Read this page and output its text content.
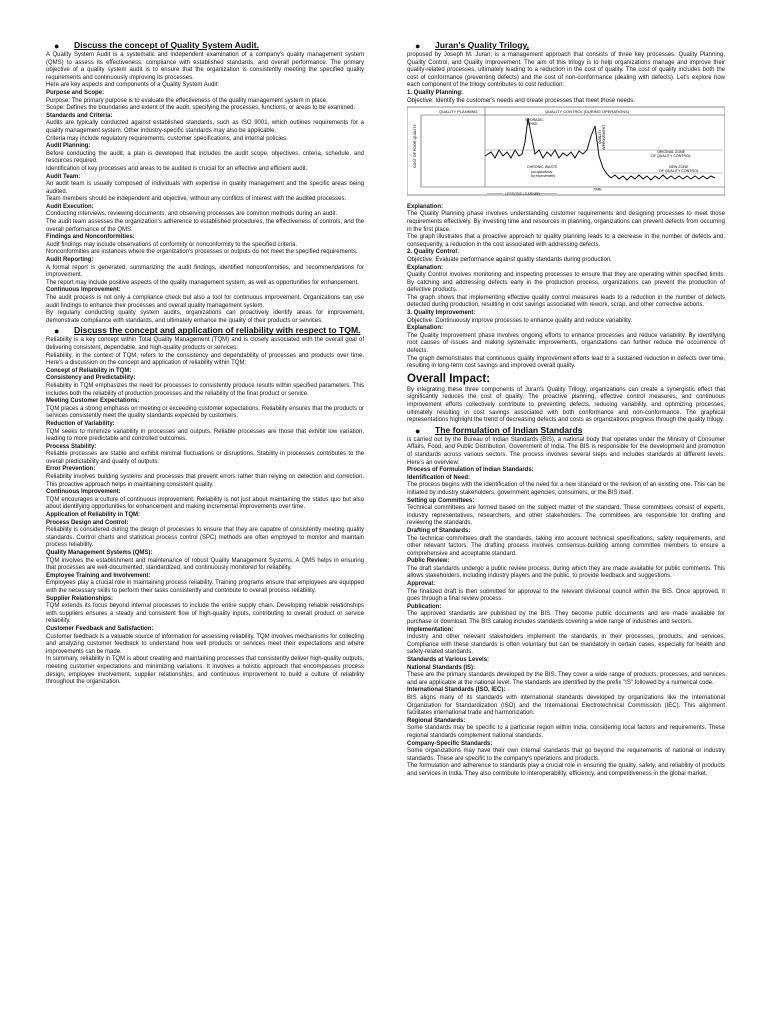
●	Discuss the concept of Quality System Audit.

A Quality System Audit is a systematic and independent examination of a company's quality management system (QMS) to assess its effectiveness, compliance with established standards, and overall performance. The primary objective of a quality system audit is to ensure that the organization is consistently meeting the specified quality requirements and continuously improving its processes.

Here are key aspects and components of a Quality System Audit:

Purpose and Scope:

Purpose: The primary purpose is to evaluate the effectiveness of the quality management system in place.

Scope: Defines the boundaries and extent of the audit, specifying the processes, functions, or areas to be examined.

Standards and Criteria:

Audits are typically conducted against established standards, such as ISO 9001, which outlines requirements for a quality management system. Other industry-specific standards may also be applicable.

Criteria may include regulatory requirements, customer specifications, and internal policies.

Audit Planning:

Before conducting the audit, a plan is developed that includes the audit scope, objectives, criteria, schedule, and resources required.

Identification of key processes and areas to be audited is crucial for an effective and efficient audit.

Audit Team:

An audit team is usually composed of individuals with expertise in quality management and the specific areas being audited.

Team members should be independent and objective, without any conflicts of interest with the audited processes.

Audit Execution:

Conducting interviews, reviewing documents, and observing processes are common methods during an audit.

The audit team assesses the organization's adherence to established procedures, the effectiveness of controls, and the overall performance of the QMS.

Findings and Nonconformities:

Audit findings may include observations of conformity or nonconformity to the specified criteria.

Nonconformities are instances where the organization's processes or outputs do not meet the specified requirements.

Audit Reporting:

A formal report is generated, summarizing the audit findings, identified nonconformities, and recommendations for improvement.

The report may include positive aspects of the quality management system, as well as opportunities for enhancement.

Continuous Improvement:

The audit process is not only a compliance check but also a tool for continuous improvement. Organizations can use audit findings to enhance their processes and overall quality management system.

By regularly conducting quality system audits, organizations can proactively identify areas for improvement, demonstrate compliance with standards, and ultimately enhance the quality of their products or services.

●	Discuss the concept and application of reliability with respect to TQM.

Reliability is a key concept within Total Quality Management (TQM) and is closely associated with the overall goal of delivering consistent, dependable, and high-quality products or services.

Reliability, in the context of TQM, refers to the consistency and dependability of processes and products over time. Here's a discussion on the concept and application of reliability within TQM:

Concept of Reliability in TQM:

Consistency and Predictability:

Reliability in TQM emphasizes the need for processes to consistently produce results within specified parameters. This includes both the reliability of production processes and the reliability of the final product or service.

Meeting Customer Expectations:

TQM places a strong emphasis on meeting or exceeding customer expectations. Reliability ensures that the products or services consistently meet the quality standards expected by customers.

Reduction of Variability:

TQM seeks to minimize variability in processes and outputs. Reliable processes are those that exhibit low variation, leading to more predictable and controlled outcomes.

Process Stability:

Reliable processes are stable and exhibit minimal fluctuations or disruptions. Stability in processes contributes to the overall predictability and quality of outputs.

Error Prevention:

Reliability involves building systems and processes that prevent errors rather than relying on detection and correction. This proactive approach helps in maintaining consistent quality.

Continuous Improvement:

TQM encourages a culture of continuous improvement. Reliability is not just about maintaining the status quo but also about identifying opportunities for enhancement and making incremental improvements over time.

Application of Reliability in TQM:

Process Design and Control:

Reliability is considered during the design of processes to ensure that they are capable of consistently meeting quality standards. Control charts and statistical process control (SPC) methods are often employed to monitor and maintain process reliability.

Quality Management Systems (QMS):

TQM involves the establishment and maintenance of robust Quality Management Systems. A QMS helps in ensuring that processes are well-documented, standardized, and continuously monitored for reliability.

Employee Training and Involvement:

Employees play a crucial role in maintaining process reliability. Training programs ensure that employees are equipped with the necessary skills to perform their tasks consistently and contribute to overall process reliability.

Supplier Relationships:

TQM extends its focus beyond internal processes to include the entire supply chain. Developing reliable relationships with suppliers ensures a steady and consistent flow of high-quality inputs, contributing to overall product or service reliability.

Customer Feedback and Satisfaction:

Customer feedback is a valuable source of information for assessing reliability. TQM involves mechanisms for collecting and analyzing customer feedback to understand how well products or services meet their expectations and where improvements can be made.

In summary, reliability in TQM is about creating and maintaining processes that consistently deliver high-quality outputs, meeting customer expectations and minimizing variations. It involves a holistic approach that encompasses process design, employee involvement, supplier relationships, and continuous improvement to build a culture of reliability throughout the organization.

●	Juran's Quality Trilogy,

proposed by Joseph M. Juran, is a management approach that consists of three key processes: Quality Planning, Quality Control, and Quality Improvement. The aim of this trilogy is to help organizations manage and improve their quality-related processes, ultimately leading to a reduction in the cost of quality. The cost of quality includes both the cost of conformance (preventing defects) and the cost of non-conformance (dealing with defects). Let's explore how each component of the trilogy contributes to cost reduction:

1. Quality Planning:

Objective: Identify the customer's needs and create processes that meet those needs.

QUALITY PLANNING	QUALITY CONTROL (DURING OPERATIONS)
COST OF POOR QUALITY
TIME
LESSONS LEARNED
SPORADIC
SPIKE
QUALITY IMPROVEMENT
ORIGINAL ZONE
OF QUALITY CONTROL
NEW ZONE
OF QUALITY CONTROL
CHRONIC WASTE
(an opportunity
for improvement)

Explanation:

The Quality Planning phase involves understanding customer requirements and designing processes to meet those requirements effectively. By investing time and resources in planning, organizations can prevent defects from occurring in the first place.

The graph illustrates that a proactive approach to quality planning leads to a decrease in the number of defects and, consequently, a reduction in the cost associated with addressing defects.

2. Quality Control:

Objective: Evaluate performance against quality standards during production.

Explanation:

Quality Control involves monitoring and inspecting processes to ensure that they are operating within specified limits. By catching and addressing defects early in the production process, organizations can prevent the production of defective products.

The graph shows that implementing effective quality control measures leads to a reduction in the number of defects detected during production, resulting in cost savings associated with rework, scrap, and other corrective actions.

3. Quality Improvement:

Objective: Continuously improve processes to enhance quality and reduce variability.

Explanation:

The Quality Improvement phase involves ongoing efforts to enhance processes and reduce variability. By identifying root causes of issues and making systematic improvements, organizations can further reduce the occurrence of defects.

The graph demonstrates that continuous quality improvement efforts lead to a sustained reduction in defects over time, resulting in long-term cost savings and improved overall quality.

Overall Impact:

By integrating these three components of Juran's Quality Trilogy, organizations can create a synergistic effect that significantly reduces the cost of quality. The proactive planning, effective control measures, and continuous improvement efforts collectively contribute to preventing defects, reducing variability, and optimizing processes, ultimately resulting in cost savings associated with both conformance and non-conformance. The graphical representations highlight the trend of decreasing defects and costs as organizations progress through the quality trilogy.

●	The formulation of Indian Standards

is carried out by the Bureau of Indian Standards (BIS), a national body that operates under the Ministry of Consumer Affairs, Food, and Public Distribution, Government of India. The BIS is responsible for the development and promotion of standards across various sectors. The process involves several steps and includes standards at different levels. Here's an overview:

Process of Formulation of Indian Standards:

Identification of Need:

The process begins with the identification of the need for a new standard or the revision of an existing one. This can be initiated by industry stakeholders, government agencies, consumers, or the BIS itself.

Setting up Committees:

Technical committees are formed based on the subject matter of the standard. These committees consist of experts, industry representatives, researchers, and other stakeholders. The committees are responsible for drafting and reviewing the standards.

Drafting of Standards:

The technical committees draft the standards, taking into account technical specifications, safety requirements, and other relevant factors. The drafting process involves consensus-building among committee members to ensure a comprehensive and acceptable standard.

Public Review:

The draft standards undergo a public review process, during which they are made available for public comments. This allows stakeholders, including industry players and the public, to provide feedback and suggestions.

Approval:

The finalized draft is then submitted for approval to the relevant divisional council within the BIS. Once approved, it goes through a final review process.

Publication:

The approved standards are published by the BIS. They become public documents and are made available for purchase or download. The BIS catalog includes standards covering a wide range of industries and sectors.

Implementation:

Industry and other relevant stakeholders implement the standards in their processes, products, and services. Compliance with these standards is often voluntary but can be mandatory in certain cases, especially for health and safety-related standards.

Standards at Various Levels:

National Standards (IS):

These are the primary standards developed by the BIS. They cover a wide range of products, processes, and services and are applicable at the national level. The standards are identified by the prefix "IS" followed by a numerical code.

International Standards (ISO, IEC):

BIS aligns many of its standards with international standards developed by organizations like the International Organization for Standardization (ISO) and the International Electrotechnical Commission (IEC). This alignment facilitates international trade and harmonization.

Regional Standards:

Some standards may be specific to a particular region within India, considering local factors and requirements. These regional standards complement national standards.

Company-Specific Standards:

Some organizations may have their own internal standards that go beyond the requirements of national or industry standards. These are specific to the company's operations and products.

The formulation and adherence to standards play a crucial role in ensuring the quality, safety, and reliability of products and services in India. They also contribute to interoperability, efficiency, and competitiveness in the global market.
